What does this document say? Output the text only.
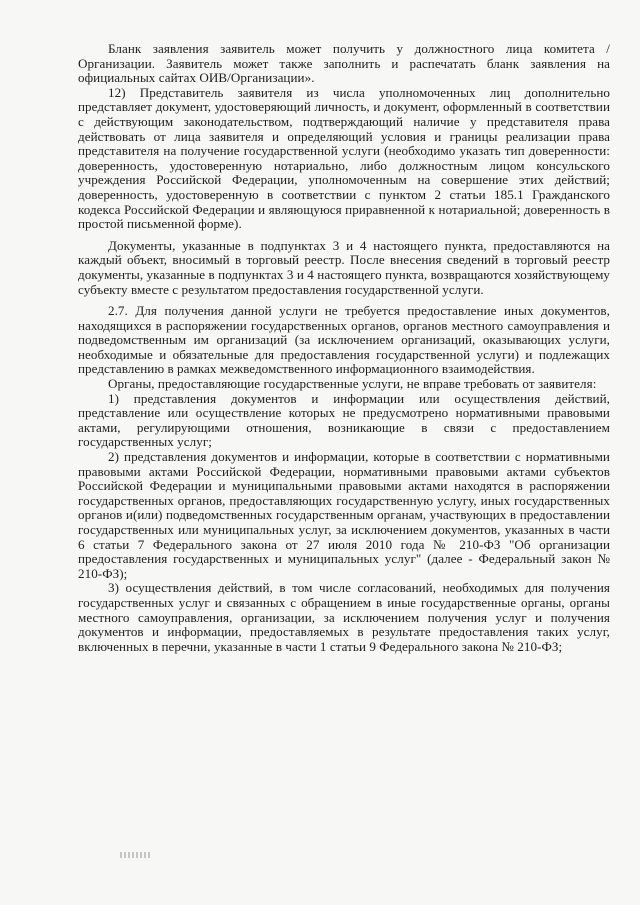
Бланк заявления заявитель может получить у должностного лица комитета /Организации. Заявитель может также заполнить и распечатать бланк заявления на официальных сайтах ОИВ/Организации».

12) Представитель заявителя из числа уполномоченных лиц дополнительно представляет документ, удостоверяющий личность, и документ, оформленный в соответствии с действующим законодательством, подтверждающий наличие у представителя права действовать от лица заявителя и определяющий условия и границы реализации права представителя на получение государственной услуги (необходимо указать тип доверенности: доверенность, удостоверенную нотариально, либо должностным лицом консульского учреждения Российской Федерации, уполномоченным на совершение этих действий; доверенность, удостоверенную в соответствии с пунктом 2 статьи 185.1 Гражданского кодекса Российской Федерации и являющуюся приравненной к нотариальной; доверенность в простой письменной форме).

Документы, указанные в подпунктах 3 и 4 настоящего пункта, предоставляются на каждый объект, вносимый в торговый реестр. После внесения сведений в торговый реестр документы, указанные в подпунктах 3 и 4 настоящего пункта, возвращаются хозяйствующему субъекту вместе с результатом предоставления государственной услуги.

2.7. Для получения данной услуги не требуется предоставление иных документов, находящихся в распоряжении государственных органов, органов местного самоуправления и подведомственным им организаций (за исключением организаций, оказывающих услуги, необходимые и обязательные для предоставления государственной услуги) и подлежащих представлению в рамках межведомственного информационного взаимодействия.

Органы, предоставляющие государственные услуги, не вправе требовать от заявителя:

1) представления документов и информации или осуществления действий, представление или осуществление которых не предусмотрено нормативными правовыми актами, регулирующими отношения, возникающие в связи с предоставлением государственных услуг;

2) представления документов и информации, которые в соответствии с нормативными правовыми актами Российской Федерации, нормативными правовыми актами субъектов Российской Федерации и муниципальными правовыми актами находятся в распоряжении государственных органов, предоставляющих государственную услугу, иных государственных органов и(или) подведомственных государственным органам, участвующих в предоставлении государственных или муниципальных услуг, за исключением документов, указанных в части 6 статьи 7 Федерального закона от 27 июля 2010 года № 210-ФЗ "Об организации предоставления государственных и муниципальных услуг" (далее - Федеральный закон № 210-ФЗ);

3) осуществления действий, в том числе согласований, необходимых для получения государственных услуг и связанных с обращением в иные государственные органы, органы местного самоуправления, организации, за исключением получения услуг и получения документов и информации, предоставляемых в результате предоставления таких услуг, включенных в перечни, указанные в части 1 статьи 9 Федерального закона № 210-ФЗ;
